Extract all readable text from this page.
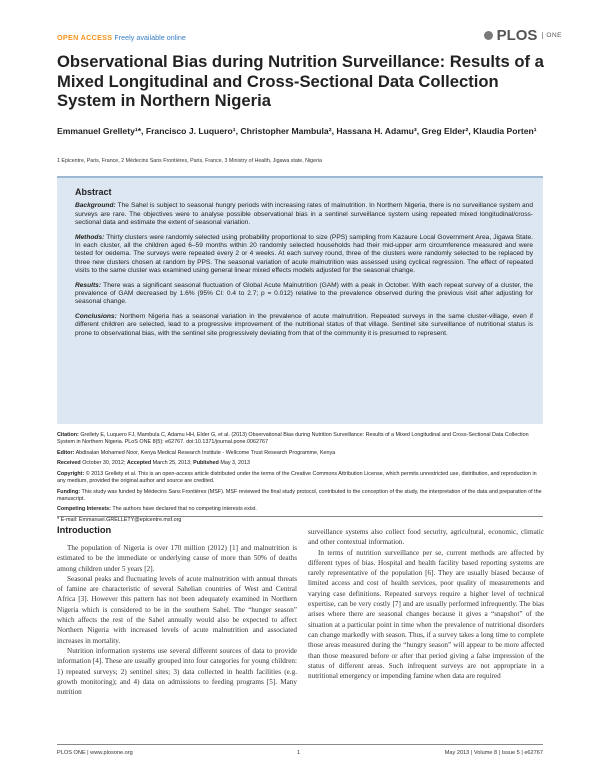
OPEN ACCESS Freely available online	PLOS	ONE
Observational Bias during Nutrition Surveillance: Results of a Mixed Longitudinal and Cross-Sectional Data Collection System in Northern Nigeria
Emmanuel Grellety¹*, Francisco J. Luquero¹, Christopher Mambula², Hassana H. Adamu³, Greg Elder², Klaudia Porten¹
1 Epicentre, Paris, France, 2 Médecins Sans Frontières, Paris, France, 3 Ministry of Health, Jigawa state, Nigeria
Abstract

Background: The Sahel is subject to seasonal hungry periods with increasing rates of malnutrition. In Northern Nigeria, there is no surveillance system and surveys are rare. The objectives were to analyse possible observational bias in a sentinel surveillance system using repeated mixed longitudinal/cross-sectional data and estimate the extent of seasonal variation.

Methods: Thirty clusters were randomly selected using probability proportional to size (PPS) sampling from Kazaure Local Government Area, Jigawa State. In each cluster, all the children aged 6–59 months within 20 randomly selected households had their mid-upper arm circumference measured and were tested for oedema. The surveys were repeated every 2 or 4 weeks. At each survey round, three of the clusters were randomly selected to be replaced by three new clusters chosen at random by PPS. The seasonal variation of acute malnutrition was assessed using cyclical regression. The effect of repeated visits to the same cluster was examined using general linear mixed effects models adjusted for the seasonal change.

Results: There was a significant seasonal fluctuation of Global Acute Malnutrition (GAM) with a peak in October. With each repeat survey of a cluster, the prevalence of GAM decreased by 1.6% (95% CI: 0.4 to 2.7; p = 0.012) relative to the prevalence observed during the previous visit after adjusting for seasonal change.

Conclusions: Northern Nigeria has a seasonal variation in the prevalence of acute malnutrition. Repeated surveys in the same cluster-village, even if different children are selected, lead to a progressive improvement of the nutritional status of that village. Sentinel site surveillance of nutritional status is prone to observational bias, with the sentinel site progressively deviating from that of the community it is presumed to represent.

Citation: Grellety E, Luquero FJ, Mambula C, Adamu HH, Elder G, et al. (2013) Observational Bias during Nutrition Surveillance: Results of a Mixed Longitudinal and Cross-Sectional Data Collection System in Northern Nigeria. PLoS ONE 8(5): e62767. doi:10.1371/journal.pone.0062767

Editor: Abdisalan Mohamed Noor, Kenya Medical Research Institute - Wellcome Trust Research Programme, Kenya

Received October 30, 2012; Accepted March 25, 2013; Published May 3, 2013

Copyright: © 2013 Grellety et al. This is an open-access article distributed under the terms of the Creative Commons Attribution License, which permits unrestricted use, distribution, and reproduction in any medium, provided the original author and source are credited.

Funding: This study was funded by Médecins Sans Frontières (MSF). MSF reviewed the final study protocol, contributed to the conception of the study, the interpretation of the data and preparation of the manuscript.

Competing Interests: The authors have declared that no competing interests exist.

* E-mail: Emmanuel.GRELLETY@epicentre.msf.org

Introduction

The population of Nigeria is over 170 million (2012) [1] and malnutrition is estimated to be the immediate or underlying cause of more than 50% of deaths among children under 5 years [2].

Seasonal peaks and fluctuating levels of acute malnutrition with annual threats of famine are characteristic of several Sahelian countries of West and Central Africa [3]. However this pattern has not been adequately examined in Northern Nigeria which is considered to be in the southern Sahel. The “hunger season” which affects the rest of the Sahel annually would also be expected to affect Northern Nigeria with increased levels of acute malnutrition and associated increases in mortality.

Nutrition information systems use several different sources of data to provide information [4]. These are usually grouped into four categories for young children: 1) repeated surveys; 2) sentinel sites; 3) data collected in health facilities (e.g. growth monitoring); and 4) data on admissions to feeding programs [5]. Many nutrition

surveillance systems also collect food security, agricultural, economic, climatic and other contextual information.

In terms of nutrition surveillance per se, current methods are affected by different types of bias. Hospital and health facility based reporting systems are rarely representative of the population [6]. They are usually biased because of limited access and cost of health services, poor quality of measurements and varying case definitions. Repeated surveys require a higher level of technical expertise, can be very costly [7] and are usually performed infrequently. The bias arises where there are seasonal changes because it gives a “snapshot” of the situation at a particular point in time when the prevalence of nutritional disorders can change markedly with season. Thus, if a survey takes a long time to complete those areas measured during the “hungry season” will appear to be more affected than those measured before or after that period giving a false impression of the status of different areas. Such infrequent surveys are not appropriate in a nutritional emergency or impending famine when data are required

PLOS ONE | www.plosone.org	1	May 2013 | Volume 8 | Issue 5 | e62767
